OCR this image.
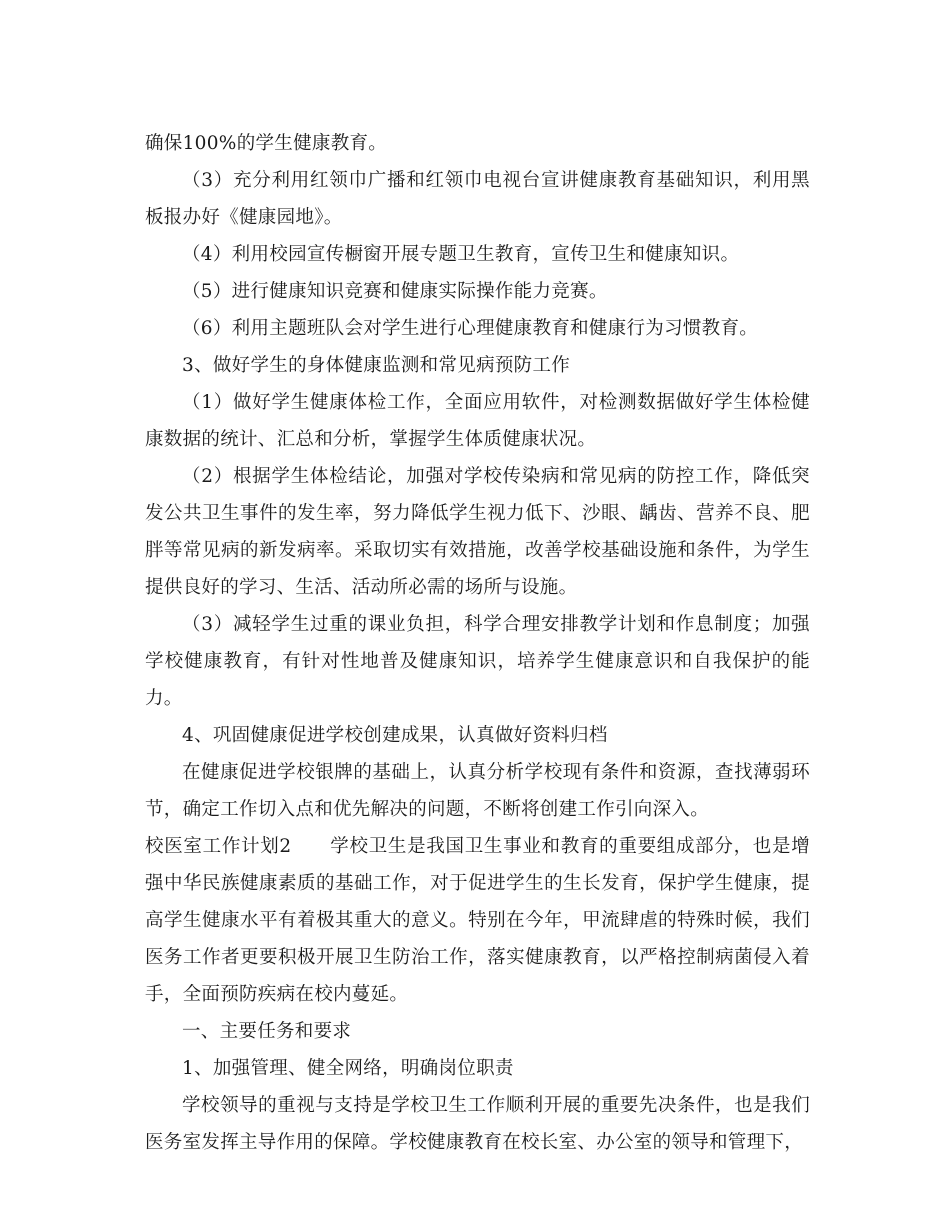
确保100%的学生健康教育。

（3）充分利用红领巾广播和红领巾电视台宣讲健康教育基础知识，利用黑板报办好《健康园地》。

（4）利用校园宣传橱窗开展专题卫生教育，宣传卫生和健康知识。

（5）进行健康知识竞赛和健康实际操作能力竞赛。

（6）利用主题班队会对学生进行心理健康教育和健康行为习惯教育。

3、做好学生的身体健康监测和常见病预防工作

（1）做好学生健康体检工作，全面应用软件，对检测数据做好学生体检健康数据的统计、汇总和分析，掌握学生体质健康状况。

（2）根据学生体检结论，加强对学校传染病和常见病的防控工作，降低突发公共卫生事件的发生率，努力降低学生视力低下、沙眼、龋齿、营养不良、肥胖等常见病的新发病率。采取切实有效措施，改善学校基础设施和条件，为学生提供良好的学习、生活、活动所必需的场所与设施。

（3）减轻学生过重的课业负担，科学合理安排教学计划和作息制度；加强学校健康教育，有针对性地普及健康知识，培养学生健康意识和自我保护的能力。

4、巩固健康促进学校创建成果，认真做好资料归档

在健康促进学校银牌的基础上，认真分析学校现有条件和资源，查找薄弱环节，确定工作切入点和优先解决的问题，不断将创建工作引向深入。

校医室工作计划2　　学校卫生是我国卫生事业和教育的重要组成部分，也是增强中华民族健康素质的基础工作，对于促进学生的生长发育，保护学生健康，提高学生健康水平有着极其重大的意义。特别在今年，甲流肆虐的特殊时候，我们医务工作者更要积极开展卫生防治工作，落实健康教育，以严格控制病菌侵入着手，全面预防疾病在校内蔓延。

一、主要任务和要求

1、加强管理、健全网络，明确岗位职责

学校领导的重视与支持是学校卫生工作顺利开展的重要先决条件，也是我们医务室发挥主导作用的保障。学校健康教育在校长室、办公室的领导和管理下，
